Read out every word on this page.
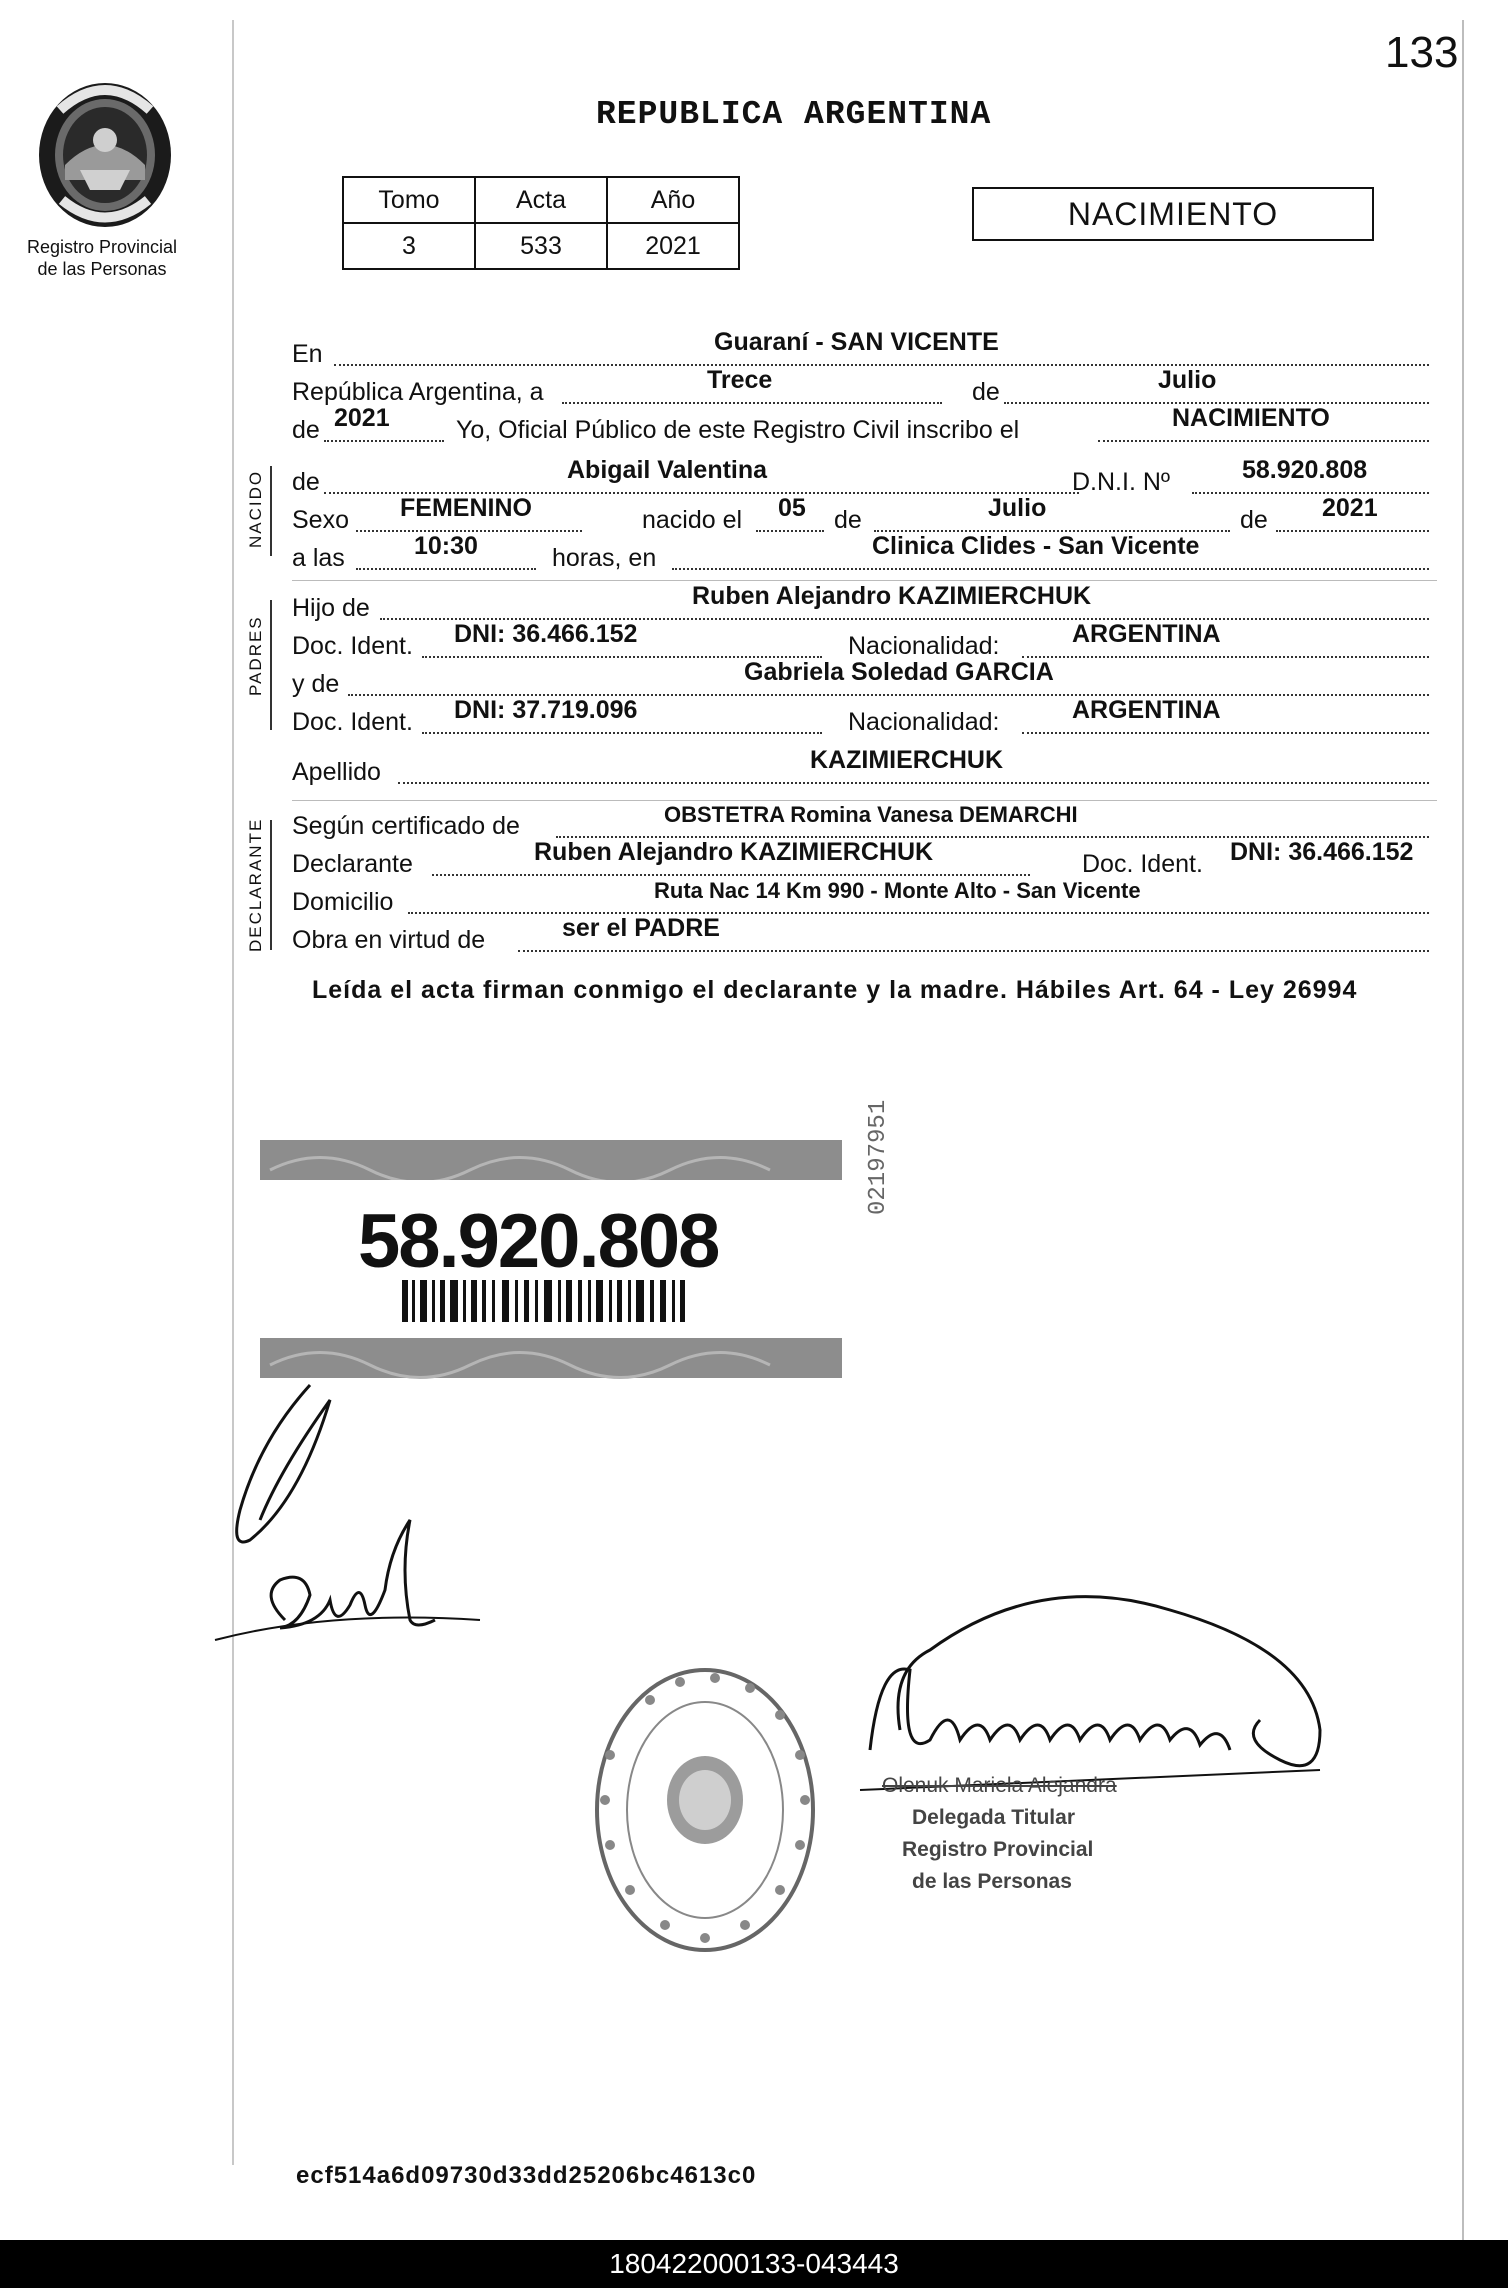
133
Registro Provincial
de las Personas
REPUBLICA ARGENTINA
Tomo	Acta	Año
3	533	2021
NACIMIENTO
En	Guaraní - SAN VICENTE
República Argentina, a	Trece	de	Julio
de 2021	Yo, Oficial Público de este Registro Civil inscribo el	NACIMIENTO
NACIDO de	Abigail Valentina	D.N.I. Nº	58.920.808
Sexo FEMENINO	nacido el 05 de	Julio	de 2021
a las	10:30	horas, en	Clinica Clides - San Vicente
PADRES
Hijo de	Ruben Alejandro KAZIMIERCHUK
Doc. Ident. DNI: 36.466.152	Nacionalidad:	ARGENTINA
y de	Gabriela Soledad GARCIA
Doc. Ident. DNI: 37.719.096	Nacionalidad:	ARGENTINA
Apellido	KAZIMIERCHUK
DECLARANTE Según certificado de	OBSTETRA Romina Vanesa DEMARCHI
Declarante	Ruben Alejandro KAZIMIERCHUK	Doc. Ident. DNI: 36.466.152
Domicilio	Ruta Nac 14 Km 990 - Monte Alto - San Vicente
Obra en virtud de	ser el PADRE
Leída el acta firman conmigo el declarante y la madre. Hábiles Art. 64 - Ley 26994
58.920.808
02197951
Olenuk Mariela Alejandra
Delegada Titular
Registro Provincial
de las Personas
ecf514a6d09730d33dd25206bc4613c0
180422000133-043443
